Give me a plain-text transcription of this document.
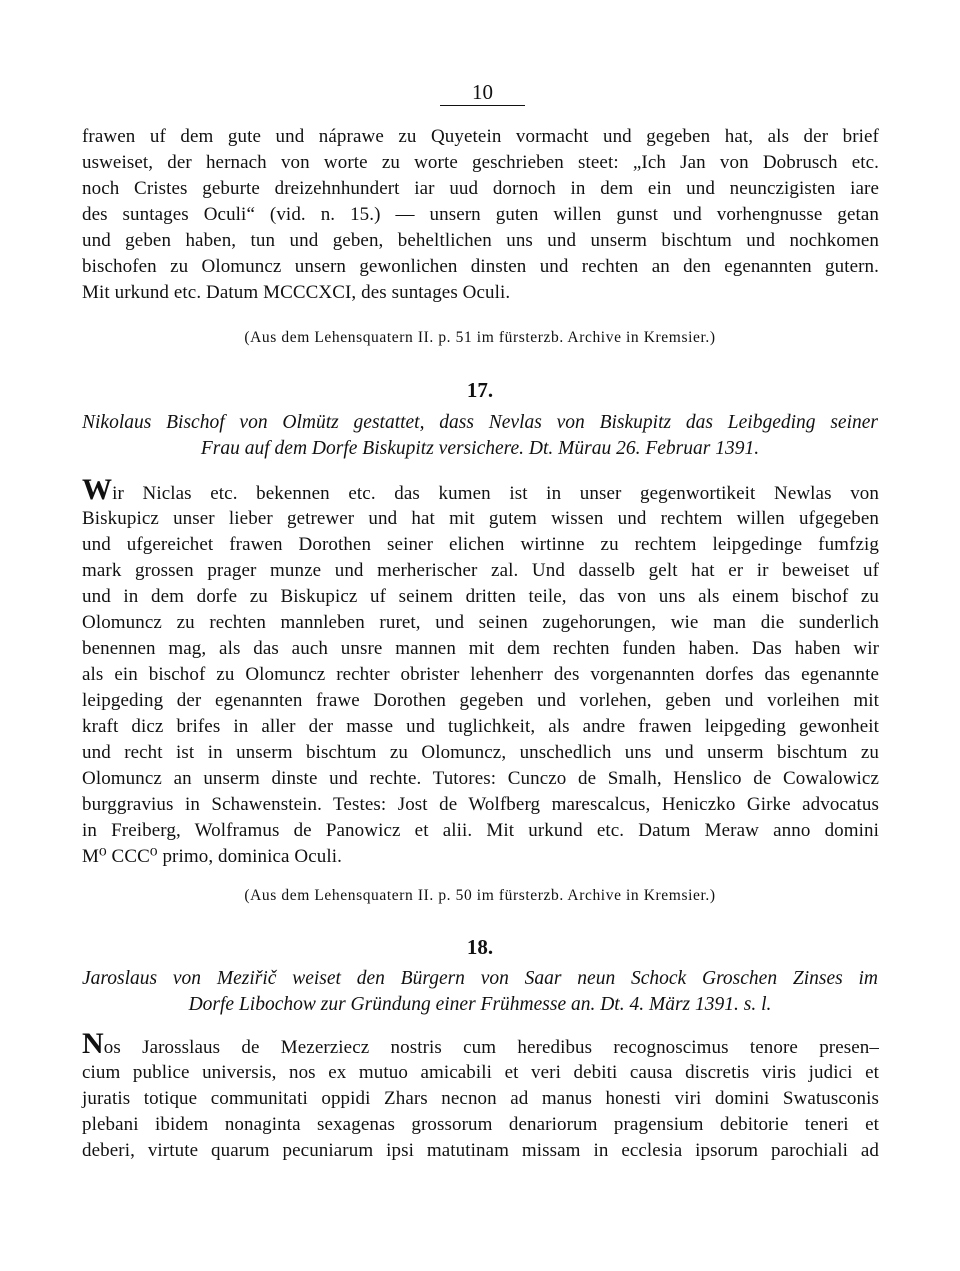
10
frawen uf dem gute und náprawe zu Quyetein vormacht und gegeben hat, als der brief
usweiset, der hernach von worte zu worte geschrieben steet: „Ich Jan von Dobrusch etc.
noch Cristes geburte dreizehnhundert iar uud dornoch in dem ein und neunczigisten iare
des suntages Oculi“ (vid. n. 15.) — unsern guten willen gunst und vorhengnusse getan
und geben haben, tun und geben, beheltlichen uns und unserm bischtum und nochkomen
bischofen zu Olomuncz unsern gewonlichen dinsten und rechten an den egenannten gutern.
Mit urkund etc. Datum MCCCXCI, des suntages Oculi.
(Aus dem Lehensquatern II. p. 51 im fürsterzb. Archive in Kremsier.)
17.
Nikolaus Bischof von Olmütz gestattet, dass Nevlas von Biskupitz das Leibgeding seiner
Frau auf dem Dorfe Biskupitz versichere. Dt. Mürau 26. Februar 1391.
Wir Niclas etc. bekennen etc. das kumen ist in unser gegenwortikeit Newlas von
Biskupicz unser lieber getrewer und hat mit gutem wissen und rechtem willen ufgegeben
und ufgereichet frawen Dorothen seiner elichen wirtinne zu rechtem leipgedinge fumfzig
mark grossen prager munze und merherischer zal. Und dasselb gelt hat er ir beweiset uf
und in dem dorfe zu Biskupicz uf seinem dritten teile, das von uns als einem bischof zu
Olomuncz zu rechten mannleben ruret, und seinen zugehorungen, wie man die sunderlich
benennen mag, als das auch unsre mannen mit dem rechten funden haben. Das haben wir
als ein bischof zu Olomuncz rechter obrister lehenherr des vorgenannten dorfes das egenannte
leipgeding der egenannten frawe Dorothen gegeben und vorlehen, geben und vorleihen mit
kraft dicz brifes in aller der masse und tuglichkeit, als andre frawen leipgeding gewonheit
und recht ist in unserm bischtum zu Olomuncz, unschedlich uns und unserm bischtum zu
Olomuncz an unserm dinste und rechte. Tutores: Cunczo de Smalh, Henslico de Cowalowicz
burggravius in Schawenstein. Testes: Jost de Wolfberg marescalcus, Heniczko Girke advocatus
in Freiberg, Wolframus de Panowicz et alii. Mit urkund etc. Datum Meraw anno domini
M⁰ CCC⁰ primo, dominica Oculi.
(Aus dem Lehensquatern II. p. 50 im fürsterzb. Archive in Kremsier.)
18.
Jaroslaus von Meziřič weiset den Bürgern von Saar neun Schock Groschen Zinses im
Dorfe Libochow zur Gründung einer Frühmesse an. Dt. 4. März 1391. s. l.
Nos Jarosslaus de Mezerziecz nostris cum heredibus recognoscimus tenore presen–
cium publice universis, nos ex mutuo amicabili et veri debiti causa discretis viris judici et
juratis totique communitati oppidi Zhars necnon ad manus honesti viri domini Swatusconis
plebani ibidem nonaginta sexagenas grossorum denariorum pragensium debitorie teneri et
deberi, virtute quarum pecuniarum ipsi matutinam missam in ecclesia ipsorum parochiali ad
